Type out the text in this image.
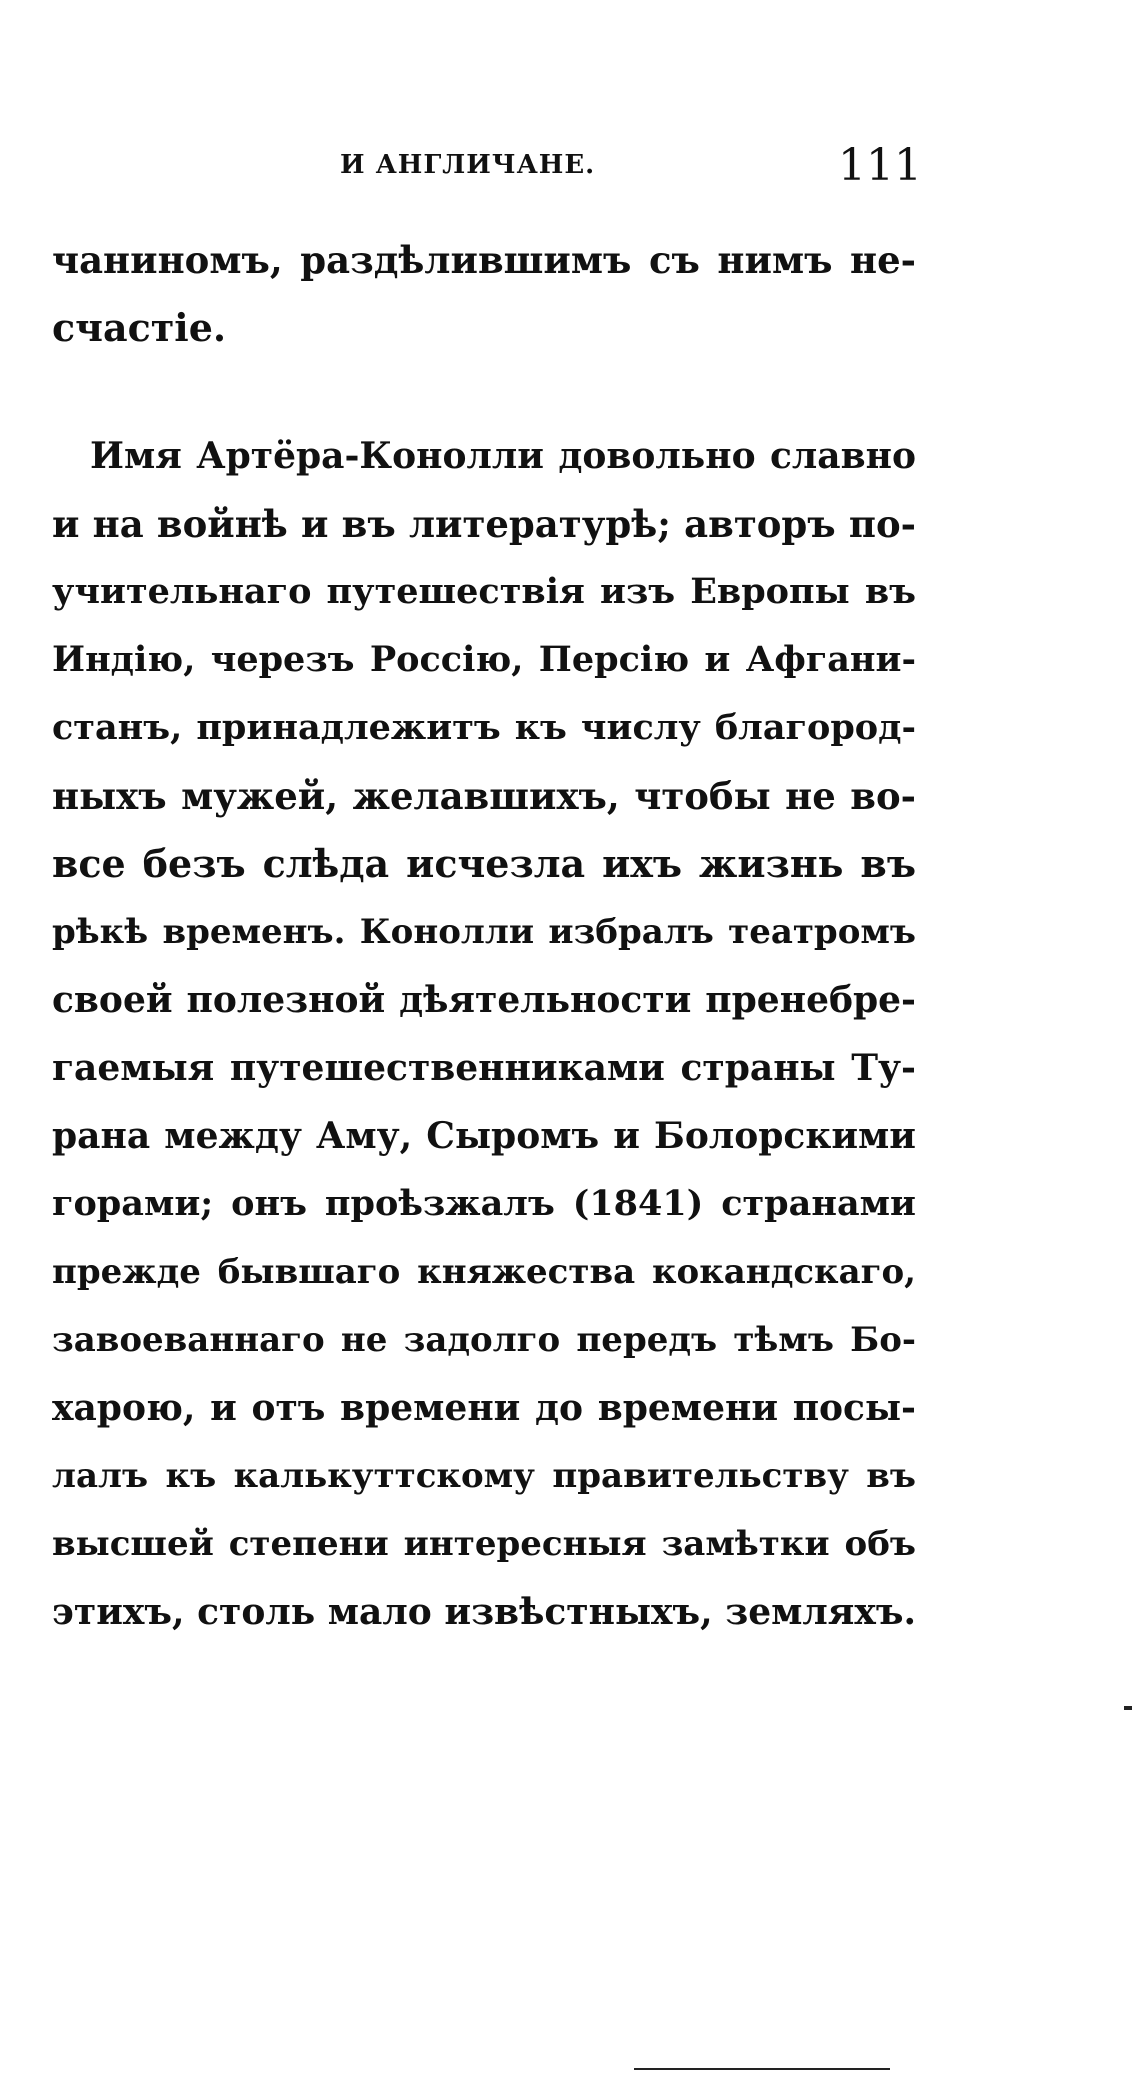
И АНГЛИЧАНЕ.	111
чаниномъ, раздѣлившимъ съ нимъ не-
счастіе.
Имя Артёра-Конолли довольно славно
и на войнѣ и въ литературѣ; авторъ по-
учительнаго путешествія изъ Европы въ
Индію, черезъ Россію, Персію и Афгани-
станъ, принадлежитъ къ числу благород-
ныхъ мужей, желавшихъ, чтобы не во-
все безъ слѣда исчезла ихъ жизнь въ
рѣкѣ временъ. Конолли избралъ театромъ
своей полезной дѣятельности пренебре-
гаемыя путешественниками страны Ту-
рана между Аму, Сыромъ и Болорскими
горами; онъ проѣзжалъ (1841) странами
прежде бывшаго княжества кокандскаго,
завоеваннаго не задолго передъ тѣмъ Бо-
харою, и отъ времени до времени посы-
лалъ къ калькуттскому правительству въ
высшей степени интересныя замѣтки объ
этихъ, столь мало извѣстныхъ, земляхъ.
